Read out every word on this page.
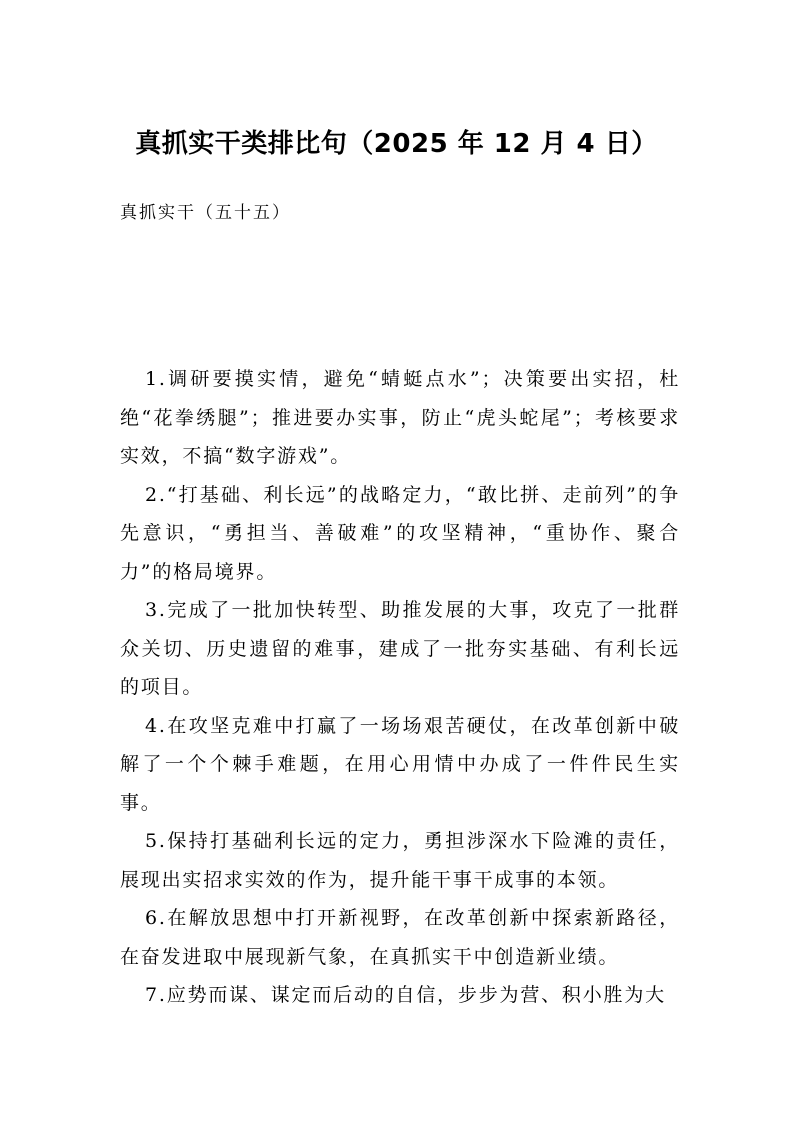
真抓实干类排比句（2025 年 12 月 4 日）
真抓实干（五十五）

1.调研要摸实情，避免“蜻蜓点水”；决策要出实招，杜绝“花拳绣腿”；推进要办实事，防止“虎头蛇尾”；考核要求实效，不搞“数字游戏”。

2.“打基础、利长远”的战略定力，“敢比拼、走前列”的争先意识，“勇担当、善破难”的攻坚精神，“重协作、聚合力”的格局境界。

3.完成了一批加快转型、助推发展的大事，攻克了一批群众关切、历史遗留的难事，建成了一批夯实基础、有利长远的项目。

4.在攻坚克难中打赢了一场场艰苦硬仗，在改革创新中破解了一个个棘手难题，在用心用情中办成了一件件民生实事。

5.保持打基础利长远的定力，勇担涉深水下险滩的责任，展现出实招求实效的作为，提升能干事干成事的本领。

6.在解放思想中打开新视野，在改革创新中探索新路径，在奋发进取中展现新气象，在真抓实干中创造新业绩。

7.应势而谋、谋定而后动的自信，步步为营、积小胜为大
